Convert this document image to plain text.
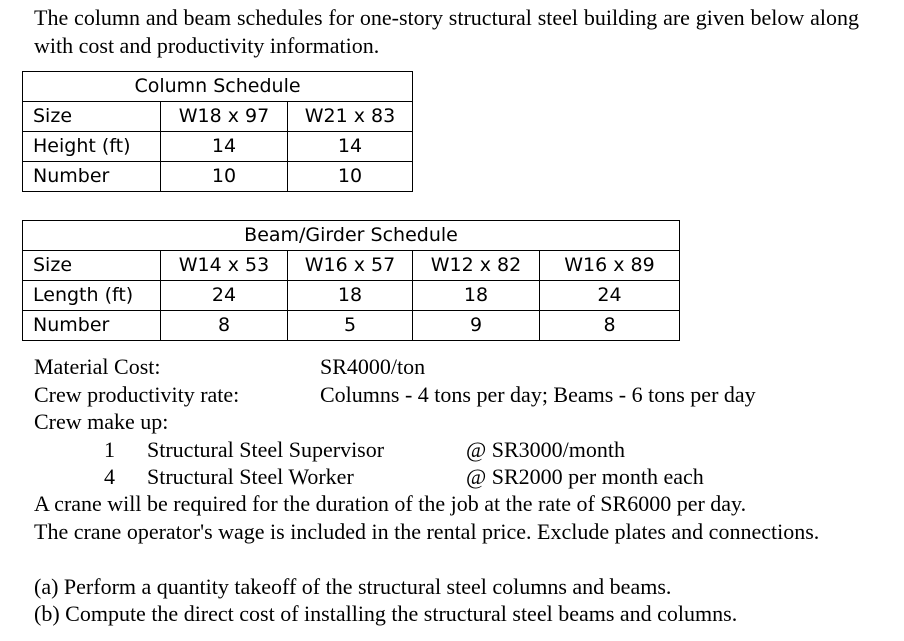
The column and beam schedules for one-story structural steel building are given below along with cost and productivity information.
Column Schedule		
Size	W18 x 97	W21 x 83
Height (ft)	14	14
Number	10	10
Beam/Girder Schedule				
Size	W14 x 53	W16 x 57	W12 x 82	W16 x 89
Length (ft)	24	18	18	24
Number	8	5	9	8
Material Cost:	SR4000/ton
Crew productivity rate:	Columns - 4 tons per day; Beams - 6 tons per day
Crew make up:
1 Structural Steel Supervisor	@ SR3000/month
4 Structural Steel Worker	@ SR2000 per month each
A crane will be required for the duration of the job at the rate of SR6000 per day.
The crane operator's wage is included in the rental price. Exclude plates and connections.
(a) Perform a quantity takeoff of the structural steel columns and beams.
(b) Compute the direct cost of installing the structural steel beams and columns.
